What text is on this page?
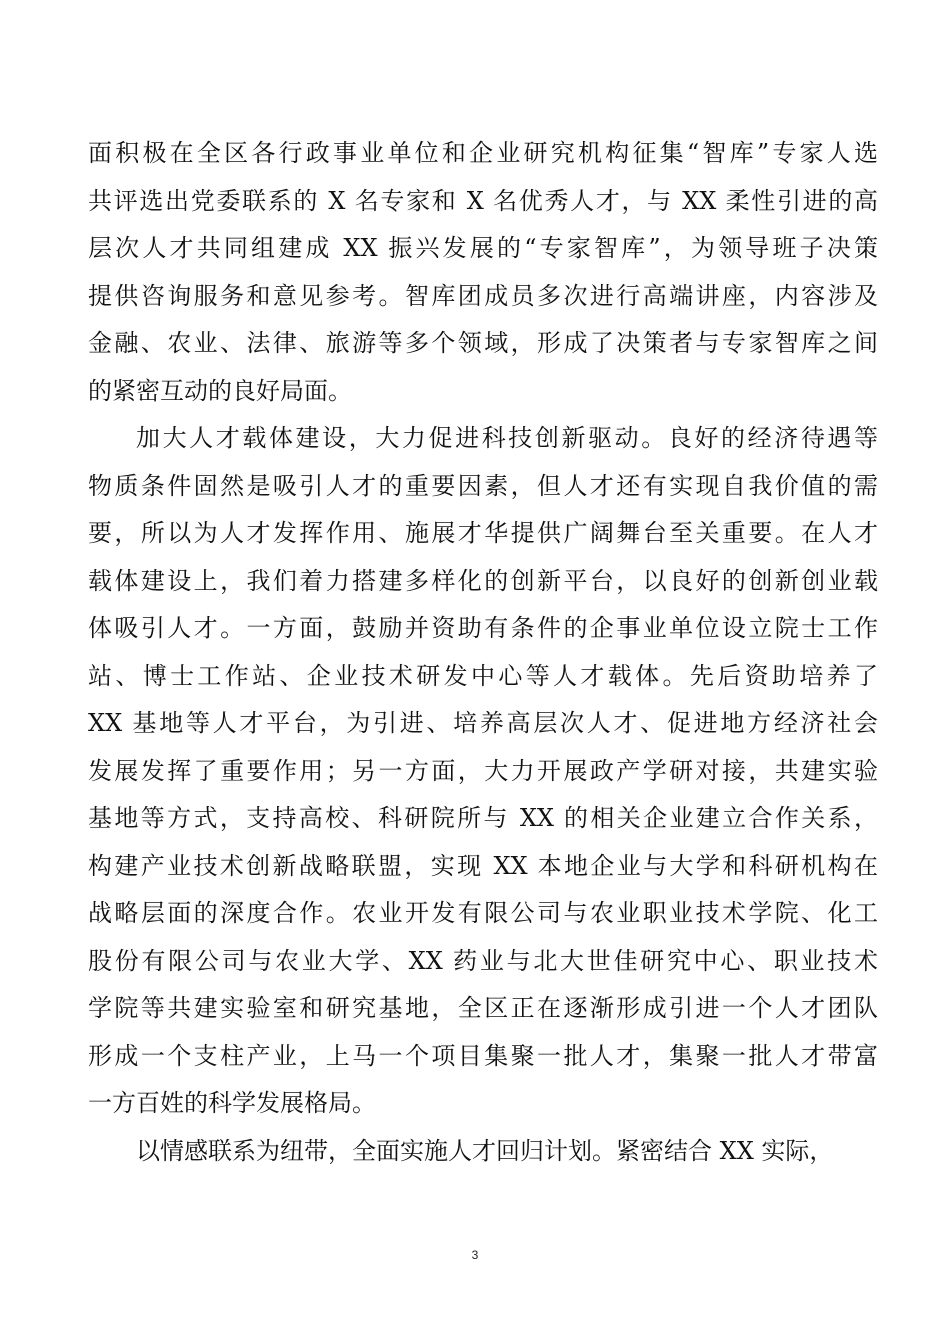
面积极在全区各行政事业单位和企业研究机构征集“智库”专家人选
共评选出党委联系的 X 名专家和 X 名优秀人才，与 XX 柔性引进的高
层次人才共同组建成 XX 振兴发展的“专家智库”，为领导班子决策
提供咨询服务和意见参考。智库团成员多次进行高端讲座，内容涉及
金融、农业、法律、旅游等多个领域，形成了决策者与专家智库之间
的紧密互动的良好局面。
加大人才载体建设，大力促进科技创新驱动。良好的经济待遇等
物质条件固然是吸引人才的重要因素，但人才还有实现自我价值的需
要，所以为人才发挥作用、施展才华提供广阔舞台至关重要。在人才
载体建设上，我们着力搭建多样化的创新平台，以良好的创新创业载
体吸引人才。一方面，鼓励并资助有条件的企事业单位设立院士工作
站、博士工作站、企业技术研发中心等人才载体。先后资助培养了
XX 基地等人才平台，为引进、培养高层次人才、促进地方经济社会
发展发挥了重要作用；另一方面，大力开展政产学研对接，共建实验
基地等方式，支持高校、科研院所与 XX 的相关企业建立合作关系，
构建产业技术创新战略联盟，实现 XX 本地企业与大学和科研机构在
战略层面的深度合作。农业开发有限公司与农业职业技术学院、化工
股份有限公司与农业大学、XX 药业与北大世佳研究中心、职业技术
学院等共建实验室和研究基地，全区正在逐渐形成引进一个人才团队
形成一个支柱产业，上马一个项目集聚一批人才，集聚一批人才带富
一方百姓的科学发展格局。
以情感联系为纽带，全面实施人才回归计划。紧密结合 XX 实际，
3
